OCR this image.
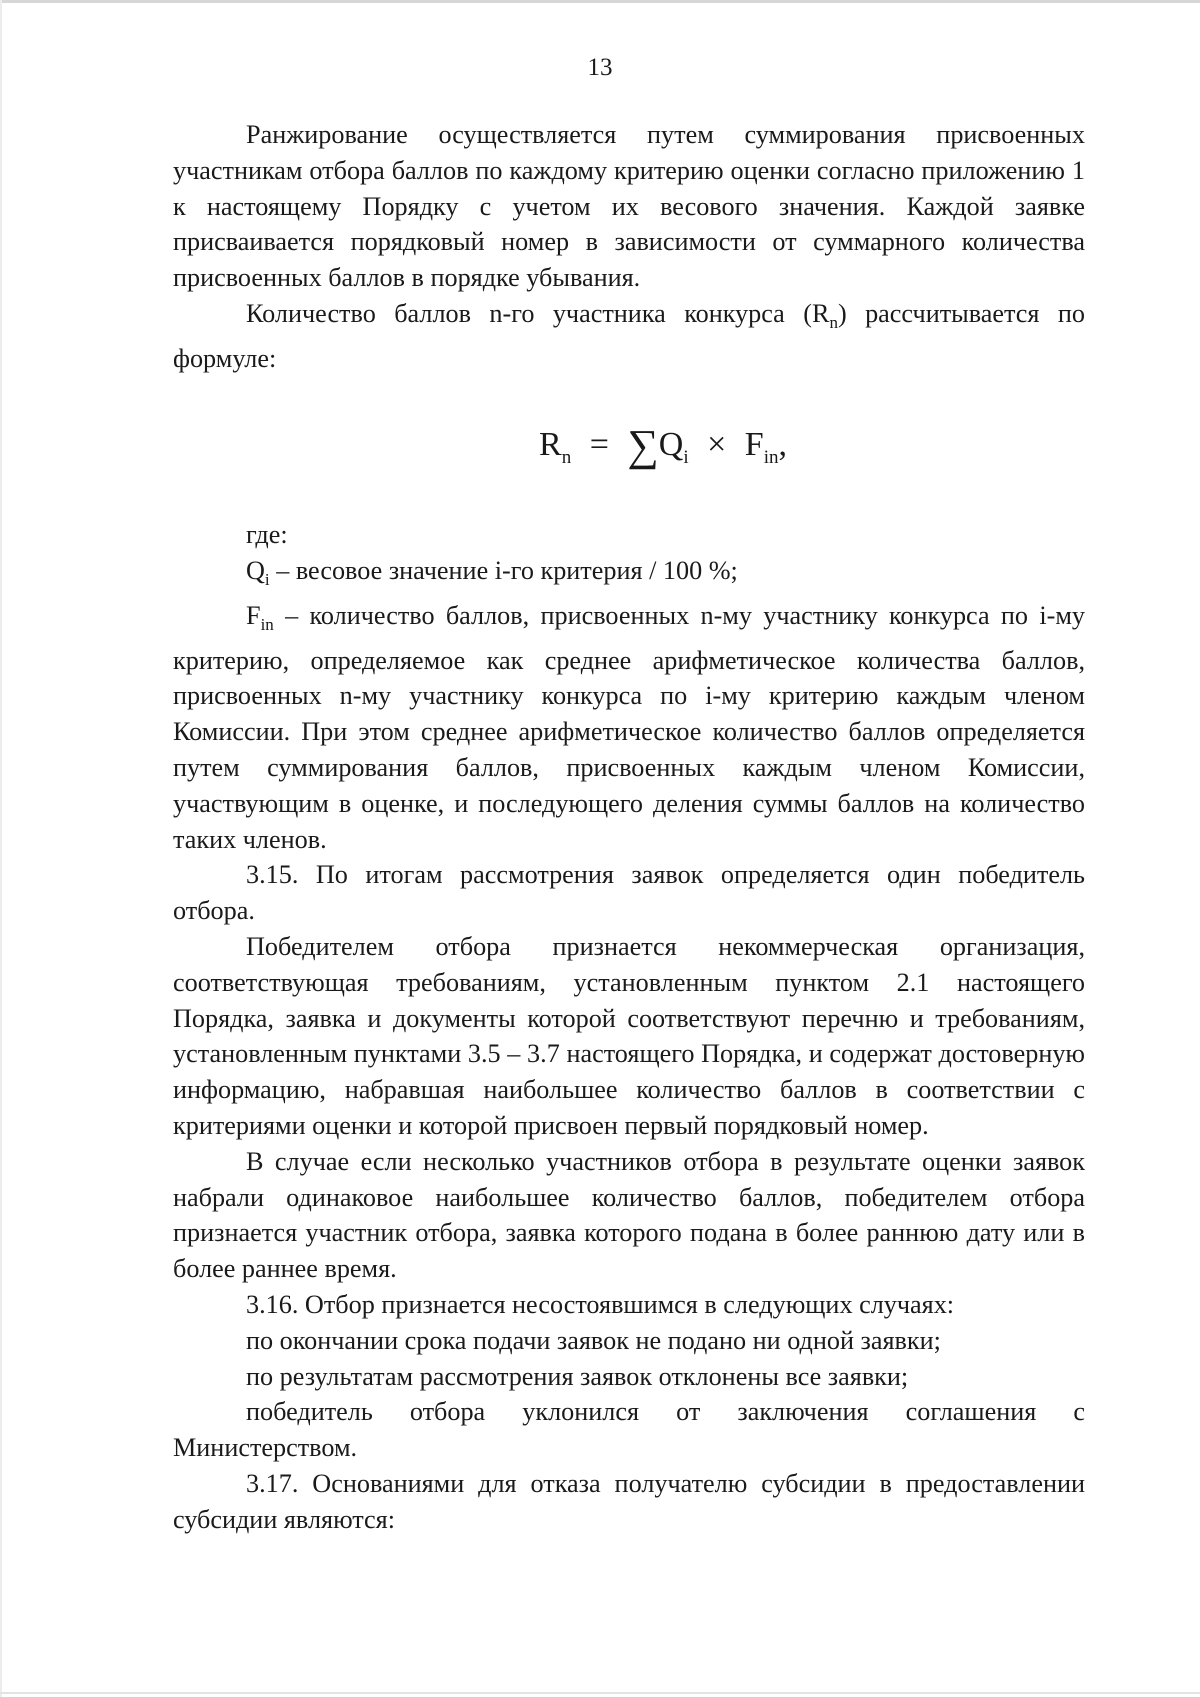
13

Ранжирование осуществляется путем суммирования присвоенных участникам отбора баллов по каждому критерию оценки согласно приложению 1 к настоящему Порядку с учетом их весового значения. Каждой заявке присваивается порядковый номер в зависимости от суммарного количества присвоенных баллов в порядке убывания.

Количество баллов n-го участника конкурса $(R_n)$ рассчитывается по формуле:

$R_n = \sum Q_i \times F_{in}$,

где:

$Q_i$ – весовое значение i-го критерия / 100 %;

$F_{in}$ – количество баллов, присвоенных n-му участнику конкурса по i-му критерию, определяемое как среднее арифметическое количества баллов, присвоенных n-му участнику конкурса по i-му критерию каждым членом Комиссии. При этом среднее арифметическое количество баллов определяется путем суммирования баллов, присвоенных каждым членом Комиссии, участвующим в оценке, и последующего деления суммы баллов на количество таких членов.

3.15. По итогам рассмотрения заявок определяется один победитель отбора.

Победителем отбора признается некоммерческая организация, соответствующая требованиям, установленным пунктом 2.1 настоящего Порядка, заявка и документы которой соответствуют перечню и требованиям, установленным пунктами 3.5 – 3.7 настоящего Порядка, и содержат достоверную информацию, набравшая наибольшее количество баллов в соответствии с критериями оценки и которой присвоен первый порядковый номер.

В случае если несколько участников отбора в результате оценки заявок набрали одинаковое наибольшее количество баллов, победителем отбора признается участник отбора, заявка которого подана в более раннюю дату или в более раннее время.

3.16. Отбор признается несостоявшимся в следующих случаях:

по окончании срока подачи заявок не подано ни одной заявки;

по результатам рассмотрения заявок отклонены все заявки;

победитель отбора уклонился от заключения соглашения с Министерством.

3.17. Основаниями для отказа получателю субсидии в предоставлении субсидии являются:
